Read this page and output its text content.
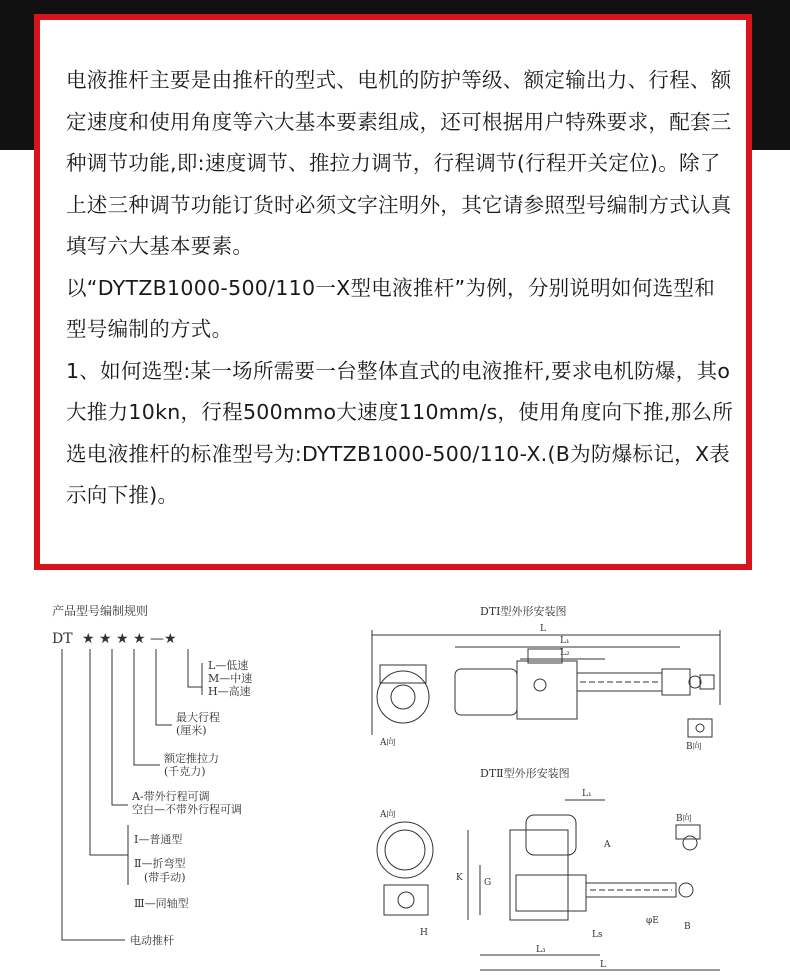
电液推杆主要是由推杆的型式、电机的防护等级、额定输出力、行程、额定速度和使用角度等六大基本要素组成，还可根据用户特殊要求，配套三种调节功能,即:速度调节、推拉力调节，行程调节(行程开关定位)。除了上述三种调节功能订货时必须文字注明外，其它请参照型号编制方式认真填写六大基本要素。

以“DYTZB1000-500/110一X型电液推杆”为例，分别说明如何选型和型号编制的方式。

1、如何选型:某一场所需要一台整体直式的电液推杆,要求电机防爆，其o大推力10kn，行程500mmo大速度110mm/s，使用角度向下推,那么所选电液推杆的标准型号为:DYTZB1000-500/110-X.(B为防爆标记，X表示向下推)。

产品型号编制规则
DT ★ ★ ★ ★ —★
L—低速
M—中速
H—高速
最大行程
(厘米)
额定推拉力
(千克力)
A-带外行程可调
空白—不带外行程可调
Ⅰ—普通型
Ⅱ—折弯型
(带手动)
Ⅲ—同轴型
电动推杆
DTⅠ型外形安装图
L
L₁
L₂
A向	B向
DTⅡ型外形安装图
A向	B向
L₁
L
L₃
Ls
K G
H
A
B
φE
